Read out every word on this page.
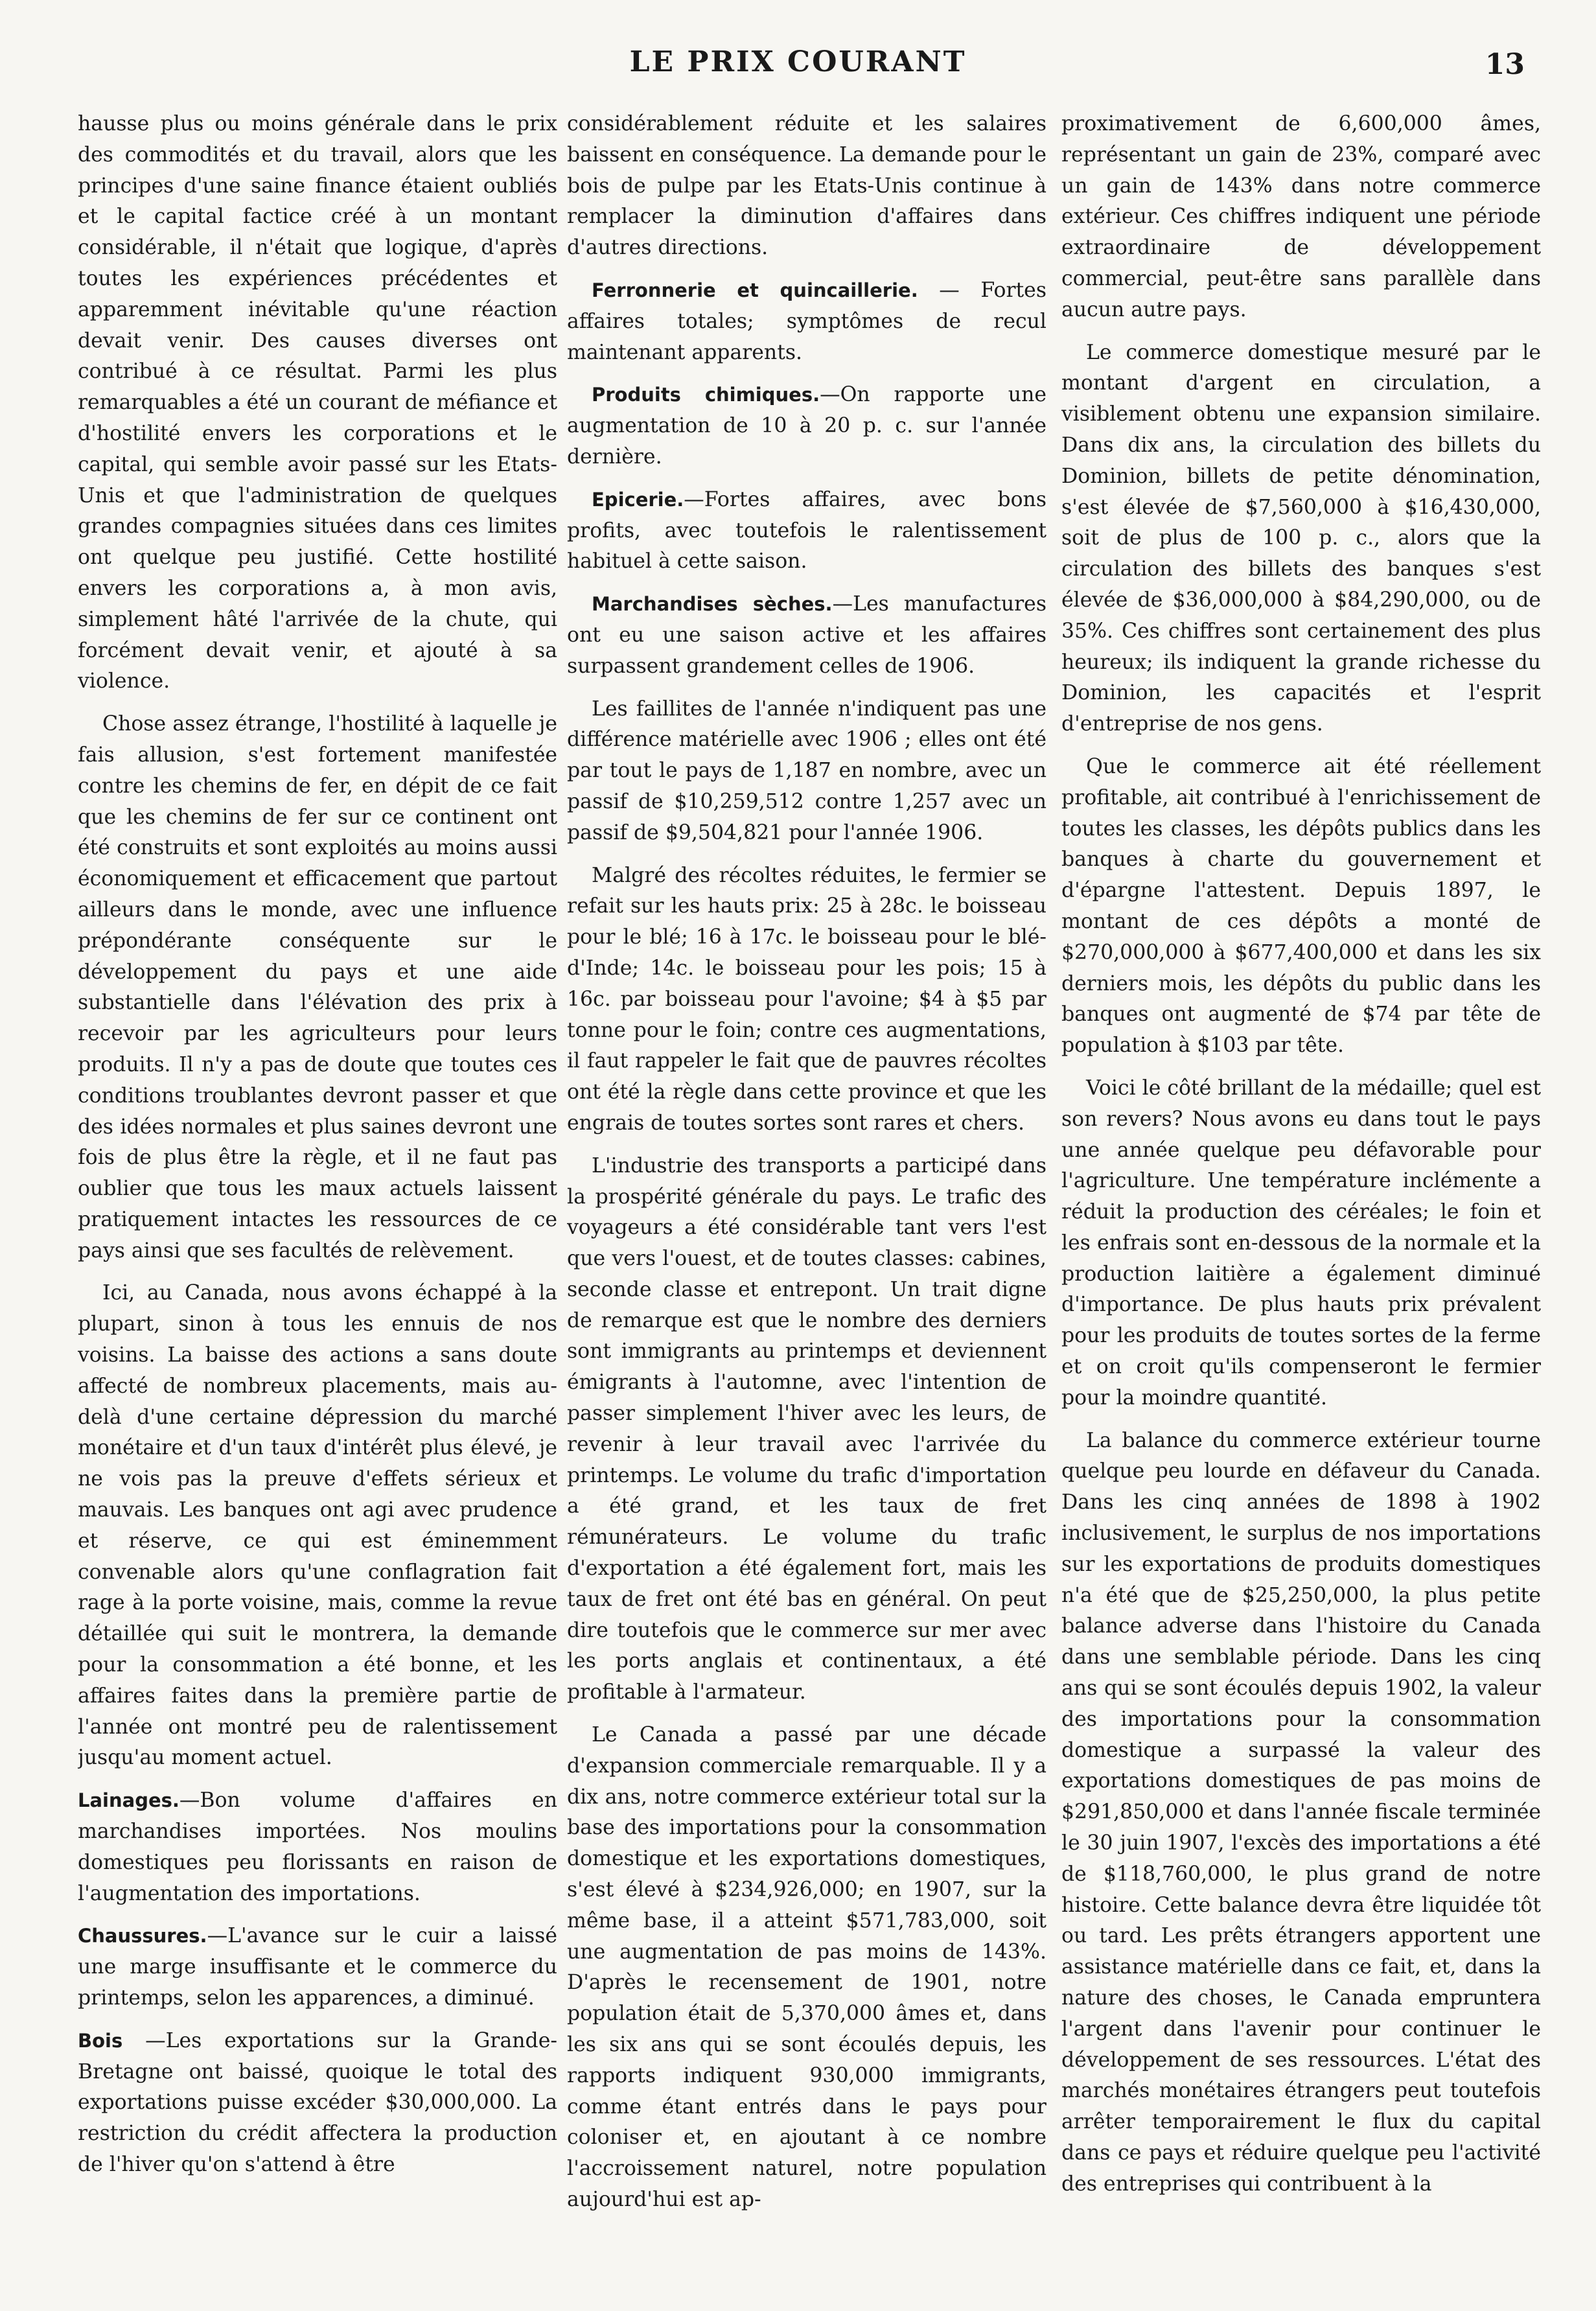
LE PRIX COURANT	13

hausse plus ou moins générale dans le prix des commodités et du travail, alors que les principes d'une saine finance étaient oubliés et le capital factice créé à un montant considérable, il n'était que logique, d'après toutes les expériences précédentes et apparemment inévitable qu'une réaction devait venir. Des causes diverses ont contribué à ce résultat. Parmi les plus remarquables a été un courant de méfiance et d'hostilité envers les corporations et le capital, qui semble avoir passé sur les Etats-Unis et que l'administration de quelques grandes compagnies situées dans ces limites ont quelque peu justifié. Cette hostilité envers les corporations a, à mon avis, simplement hâté l'arrivée de la chute, qui forcément devait venir, et ajouté à sa violence.

Chose assez étrange, l'hostilité à laquelle je fais allusion, s'est fortement manifestée contre les chemins de fer, en dépit de ce fait que les chemins de fer sur ce continent ont été construits et sont exploités au moins aussi économiquement et efficacement que partout ailleurs dans le monde, avec une influence prépondérante conséquente sur le développement du pays et une aide substantielle dans l'élévation des prix à recevoir par les agriculteurs pour leurs produits. Il n'y a pas de doute que toutes ces conditions troublantes devront passer et que des idées normales et plus saines devront une fois de plus être la règle, et il ne faut pas oublier que tous les maux actuels laissent pratiquement intactes les ressources de ce pays ainsi que ses facultés de relèvement.

Ici, au Canada, nous avons échappé à la plupart, sinon à tous les ennuis de nos voisins. La baisse des actions a sans doute affecté de nombreux placements, mais au-delà d'une certaine dépression du marché monétaire et d'un taux d'intérêt plus élevé, je ne vois pas la preuve d'effets sérieux et mauvais. Les banques ont agi avec prudence et réserve, ce qui est éminemment convenable alors qu'une conflagration fait rage à la porte voisine, mais, comme la revue détaillée qui suit le montrera, la demande pour la consommation a été bonne, et les affaires faites dans la première partie de l'année ont montré peu de ralentissement jusqu'au moment actuel.

Lainages.—Bon volume d'affaires en marchandises importées. Nos moulins domestiques peu florissants en raison de l'augmentation des importations.

Chaussures.—L'avance sur le cuir a laissé une marge insuffisante et le commerce du printemps, selon les apparences, a diminué.

Bois —Les exportations sur la Grande-Bretagne ont baissé, quoique le total des exportations puisse excéder $30,000,000. La restriction du crédit affectera la production de l'hiver qu'on s'attend à être

considérablement réduite et les salaires baissent en conséquence. La demande pour le bois de pulpe par les Etats-Unis continue à remplacer la diminution d'affaires dans d'autres directions.

Ferronnerie et quincaillerie. — Fortes affaires totales; symptômes de recul maintenant apparents.

Produits chimiques.—On rapporte une augmentation de 10 à 20 p. c. sur l'année dernière.

Epicerie.—Fortes affaires, avec bons profits, avec toutefois le ralentissement habituel à cette saison.

Marchandises sèches.—Les manufactures ont eu une saison active et les affaires surpassent grandement celles de 1906.

Les faillites de l'année n'indiquent pas une différence matérielle avec 1906 ; elles ont été par tout le pays de 1,187 en nombre, avec un passif de $10,259,512 contre 1,257 avec un passif de $9,504,821 pour l'année 1906.

Malgré des récoltes réduites, le fermier se refait sur les hauts prix: 25 à 28c. le boisseau pour le blé; 16 à 17c. le boisseau pour le blé-d'Inde; 14c. le boisseau pour les pois; 15 à 16c. par boisseau pour l'avoine; $4 à $5 par tonne pour le foin; contre ces augmentations, il faut rappeler le fait que de pauvres récoltes ont été la règle dans cette province et que les engrais de toutes sortes sont rares et chers.

L'industrie des transports a participé dans la prospérité générale du pays. Le trafic des voyageurs a été considérable tant vers l'est que vers l'ouest, et de toutes classes: cabines, seconde classe et entrepont. Un trait digne de remarque est que le nombre des derniers sont immigrants au printemps et deviennent émigrants à l'automne, avec l'intention de passer simplement l'hiver avec les leurs, de revenir à leur travail avec l'arrivée du printemps. Le volume du trafic d'importation a été grand, et les taux de fret rémunérateurs. Le volume du trafic d'exportation a été également fort, mais les taux de fret ont été bas en général. On peut dire toutefois que le commerce sur mer avec les ports anglais et continentaux, a été profitable à l'armateur.

Le Canada a passé par une décade d'expansion commerciale remarquable. Il y a dix ans, notre commerce extérieur total sur la base des importations pour la consommation domestique et les exportations domestiques, s'est élevé à $234,926,000; en 1907, sur la même base, il a atteint $571,783,000, soit une augmentation de pas moins de 143%. D'après le recensement de 1901, notre population était de 5,370,000 âmes et, dans les six ans qui se sont écoulés depuis, les rapports indiquent 930,000 immigrants, comme étant entrés dans le pays pour coloniser et, en ajoutant à ce nombre l'accroissement naturel, notre population aujourd'hui est ap-

proximativement de 6,600,000 âmes, représentant un gain de 23%, comparé avec un gain de 143% dans notre commerce extérieur. Ces chiffres indiquent une période extraordinaire de développement commercial, peut-être sans parallèle dans aucun autre pays.

Le commerce domestique mesuré par le montant d'argent en circulation, a visiblement obtenu une expansion similaire. Dans dix ans, la circulation des billets du Dominion, billets de petite dénomination, s'est élevée de $7,560,000 à $16,430,000, soit de plus de 100 p. c., alors que la circulation des billets des banques s'est élevée de $36,000,000 à $84,290,000, ou de 35%. Ces chiffres sont certainement des plus heureux; ils indiquent la grande richesse du Dominion, les capacités et l'esprit d'entreprise de nos gens.

Que le commerce ait été réellement profitable, ait contribué à l'enrichissement de toutes les classes, les dépôts publics dans les banques à charte du gouvernement et d'épargne l'attestent. Depuis 1897, le montant de ces dépôts a monté de $270,000,000 à $677,400,000 et dans les six derniers mois, les dépôts du public dans les banques ont augmenté de $74 par tête de population à $103 par tête.

Voici le côté brillant de la médaille; quel est son revers? Nous avons eu dans tout le pays une année quelque peu défavorable pour l'agriculture. Une température inclémente a réduit la production des céréales; le foin et les enfrais sont en-dessous de la normale et la production laitière a également diminué d'importance. De plus hauts prix prévalent pour les produits de toutes sortes de la ferme et on croit qu'ils compenseront le fermier pour la moindre quantité.

La balance du commerce extérieur tourne quelque peu lourde en défaveur du Canada. Dans les cinq années de 1898 à 1902 inclusivement, le surplus de nos importations sur les exportations de produits domestiques n'a été que de $25,250,000, la plus petite balance adverse dans l'histoire du Canada dans une semblable période. Dans les cinq ans qui se sont écoulés depuis 1902, la valeur des importations pour la consommation domestique a surpassé la valeur des exportations domestiques de pas moins de $291,850,000 et dans l'année fiscale terminée le 30 juin 1907, l'excès des importations a été de $118,760,000, le plus grand de notre histoire. Cette balance devra être liquidée tôt ou tard. Les prêts étrangers apportent une assistance matérielle dans ce fait, et, dans la nature des choses, le Canada empruntera l'argent dans l'avenir pour continuer le développement de ses ressources. L'état des marchés monétaires étrangers peut toutefois arrêter temporairement le flux du capital dans ce pays et réduire quelque peu l'activité des entreprises qui contribuent à la
